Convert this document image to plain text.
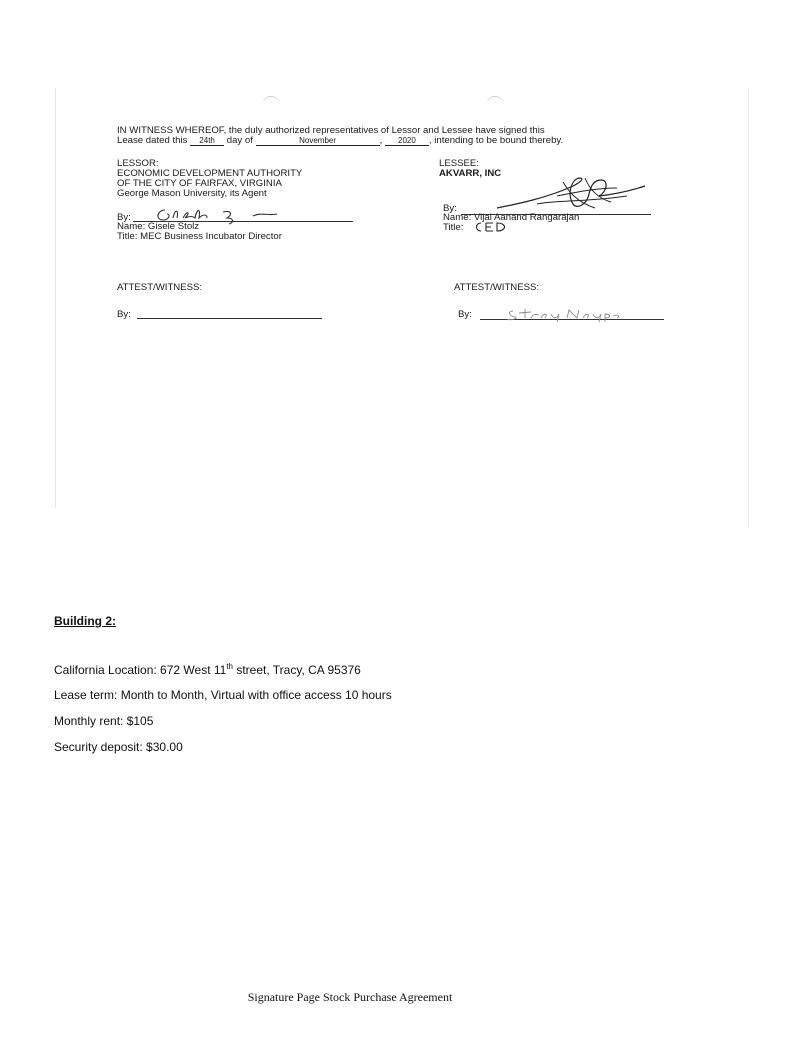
IN WITNESS WHEREOF, the duly authorized representatives of Lessor and Lessee have signed this
Lease dated this 24th day of	November	, 2020 , intending to be bound thereby.
LESSOR:
ECONOMIC DEVELOPMENT AUTHORITY
OF THE CITY OF FAIRFAX, VIRGINIA
George Mason University, its Agent
By:
Name: Gisele Stolz
Title: MEC Business Incubator Director
LESSEE:
AKVARR, INC
By:
Name: Vijai Aanand Rangarajan
Title:
ATTEST/WITNESS:
By:
ATTEST/WITNESS:
By:
Building 2:
California Location: 672 West 11th street, Tracy, CA 95376
Lease term: Month to Month, Virtual with office access 10 hours
Monthly rent: $105
Security deposit: $30.00
Signature Page Stock Purchase Agreement
